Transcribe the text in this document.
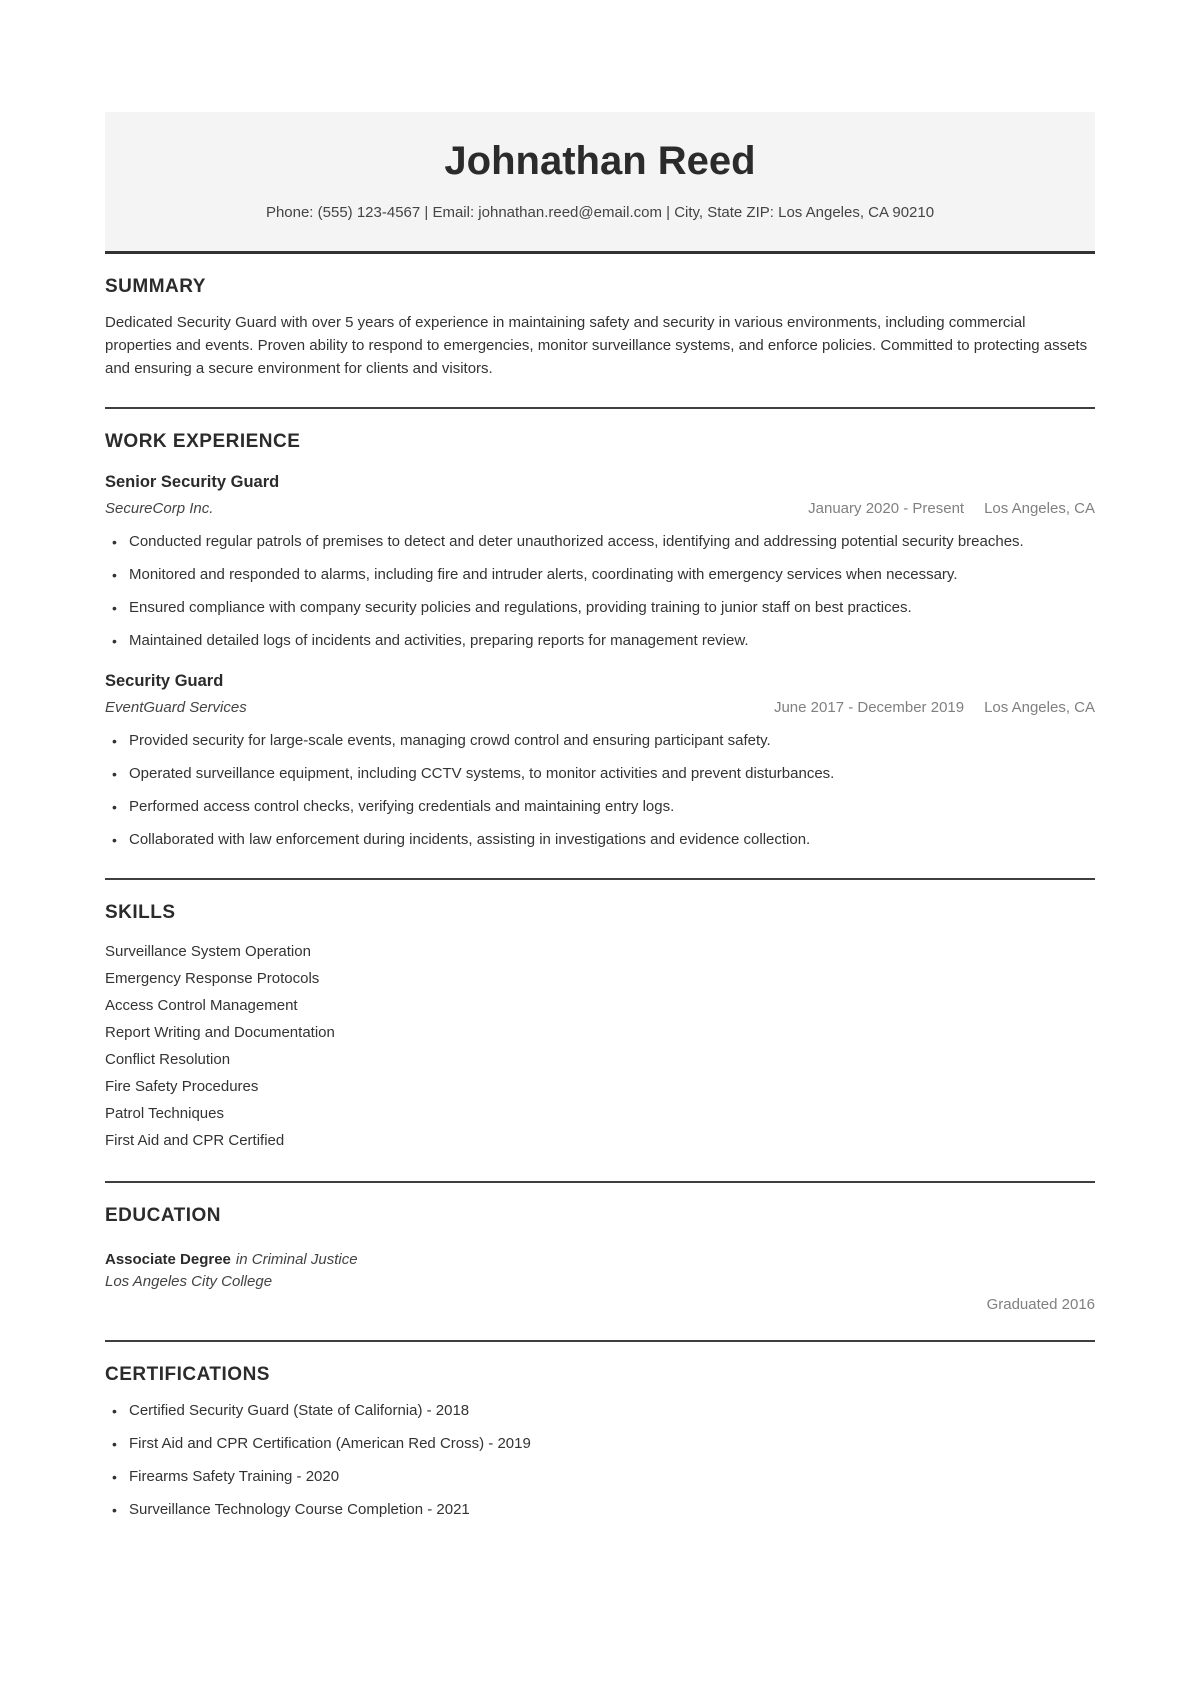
Johnathan Reed
Phone: (555) 123-4567 | Email: johnathan.reed@email.com | City, State ZIP: Los Angeles, CA 90210
SUMMARY

Dedicated Security Guard with over 5 years of experience in maintaining safety and security in various environments, including commercial properties and events. Proven ability to respond to emergencies, monitor surveillance systems, and enforce policies. Committed to protecting assets and ensuring a secure environment for clients and visitors.

WORK EXPERIENCE
Senior Security Guard
SecureCorp Inc.	January 2020 - Present Los Angeles, CA
• Conducted regular patrols of premises to detect and deter unauthorized access, identifying and addressing potential security breaches.
• Monitored and responded to alarms, including fire and intruder alerts, coordinating with emergency services when necessary.
• Ensured compliance with company security policies and regulations, providing training to junior staff on best practices.
• Maintained detailed logs of incidents and activities, preparing reports for management review.
Security Guard
EventGuard Services	June 2017 - December 2019 Los Angeles, CA
• Provided security for large-scale events, managing crowd control and ensuring participant safety.
• Operated surveillance equipment, including CCTV systems, to monitor activities and prevent disturbances.
• Performed access control checks, verifying credentials and maintaining entry logs.
• Collaborated with law enforcement during incidents, assisting in investigations and evidence collection.
SKILLS
Surveillance System Operation
Emergency Response Protocols
Access Control Management
Report Writing and Documentation
Conflict Resolution
Fire Safety Procedures
Patrol Techniques
First Aid and CPR Certified
EDUCATION
Associate Degree in Criminal Justice
Los Angeles City College
Graduated 2016
CERTIFICATIONS
• Certified Security Guard (State of California) - 2018
• First Aid and CPR Certification (American Red Cross) - 2019
• Firearms Safety Training - 2020
• Surveillance Technology Course Completion - 2021
